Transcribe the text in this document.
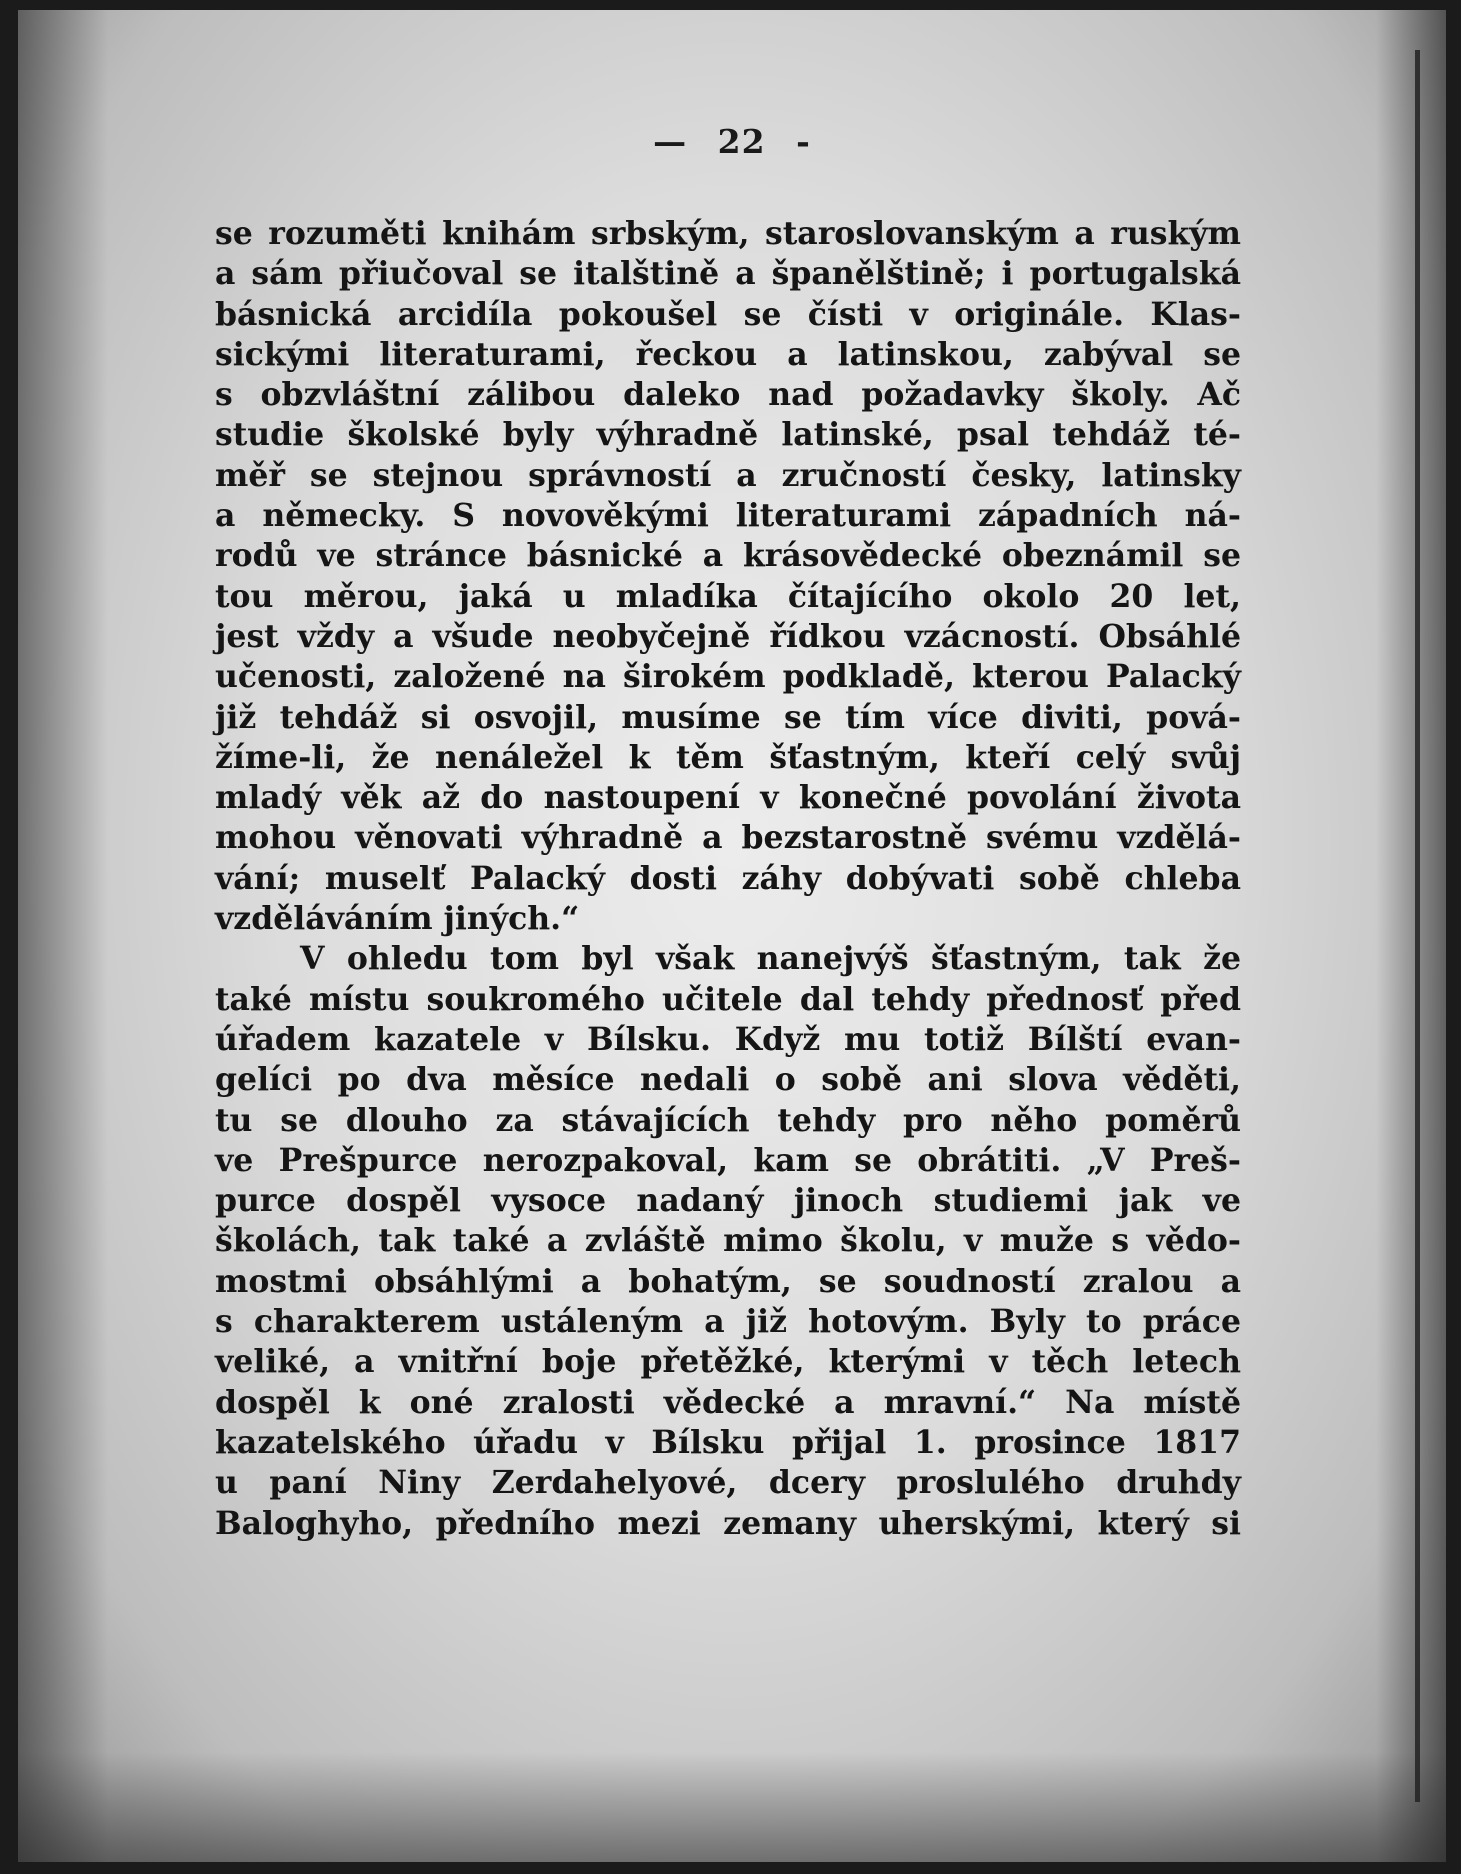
— 22 -
se rozuměti knihám srbským, staroslovanským a ruským
a sám přiučoval se italštině a španělštině; i portugalská
básnická arcidíla pokoušel se čísti v originále. Klas-
sickými literaturami, řeckou a latinskou, zabýval se
s obzvláštní zálibou daleko nad požadavky školy. Ač
studie školské byly výhradně latinské, psal tehdáž té-
měř se stejnou správností a zručností česky, latinsky
a německy. S novověkými literaturami západních ná-
rodů ve stránce básnické a krásovědecké obeznámil se
tou měrou, jaká u mladíka čítajícího okolo 20 let,
jest vždy a všude neobyčejně řídkou vzácností. Obsáhlé
učenosti, založené na širokém podkladě, kterou Palacký
již tehdáž si osvojil, musíme se tím více diviti, pová-
žíme-li, že nenáležel k těm šťastným, kteří celý svůj
mladý věk až do nastoupení v konečné povolání života
mohou věnovati výhradně a bezstarostně svému vzdělá-
vání; muselť Palacký dosti záhy dobývati sobě chleba
vzděláváním jiných.“
V ohledu tom byl však nanejvýš šťastným, tak že
také místu soukromého učitele dal tehdy přednosť před
úřadem kazatele v Bílsku. Když mu totiž Bílští evan-
gelíci po dva měsíce nedali o sobě ani slova věděti,
tu se dlouho za stávajících tehdy pro něho poměrů
ve Prešpurce nerozpakoval, kam se obrátiti. „V Preš-
purce dospěl vysoce nadaný jinoch studiemi jak ve
školách, tak také a zvláště mimo školu, v muže s vědo-
mostmi obsáhlými a bohatým, se soudností zralou a
s charakterem ustáleným a již hotovým. Byly to práce
veliké, a vnitřní boje přetěžké, kterými v těch letech
dospěl k oné zralosti vědecké a mravní.“ Na místě
kazatelského úřadu v Bílsku přijal 1. prosince 1817
u paní Niny Zerdahelyové, dcery proslulého druhdy
Baloghyho, předního mezi zemany uherskými, který si
